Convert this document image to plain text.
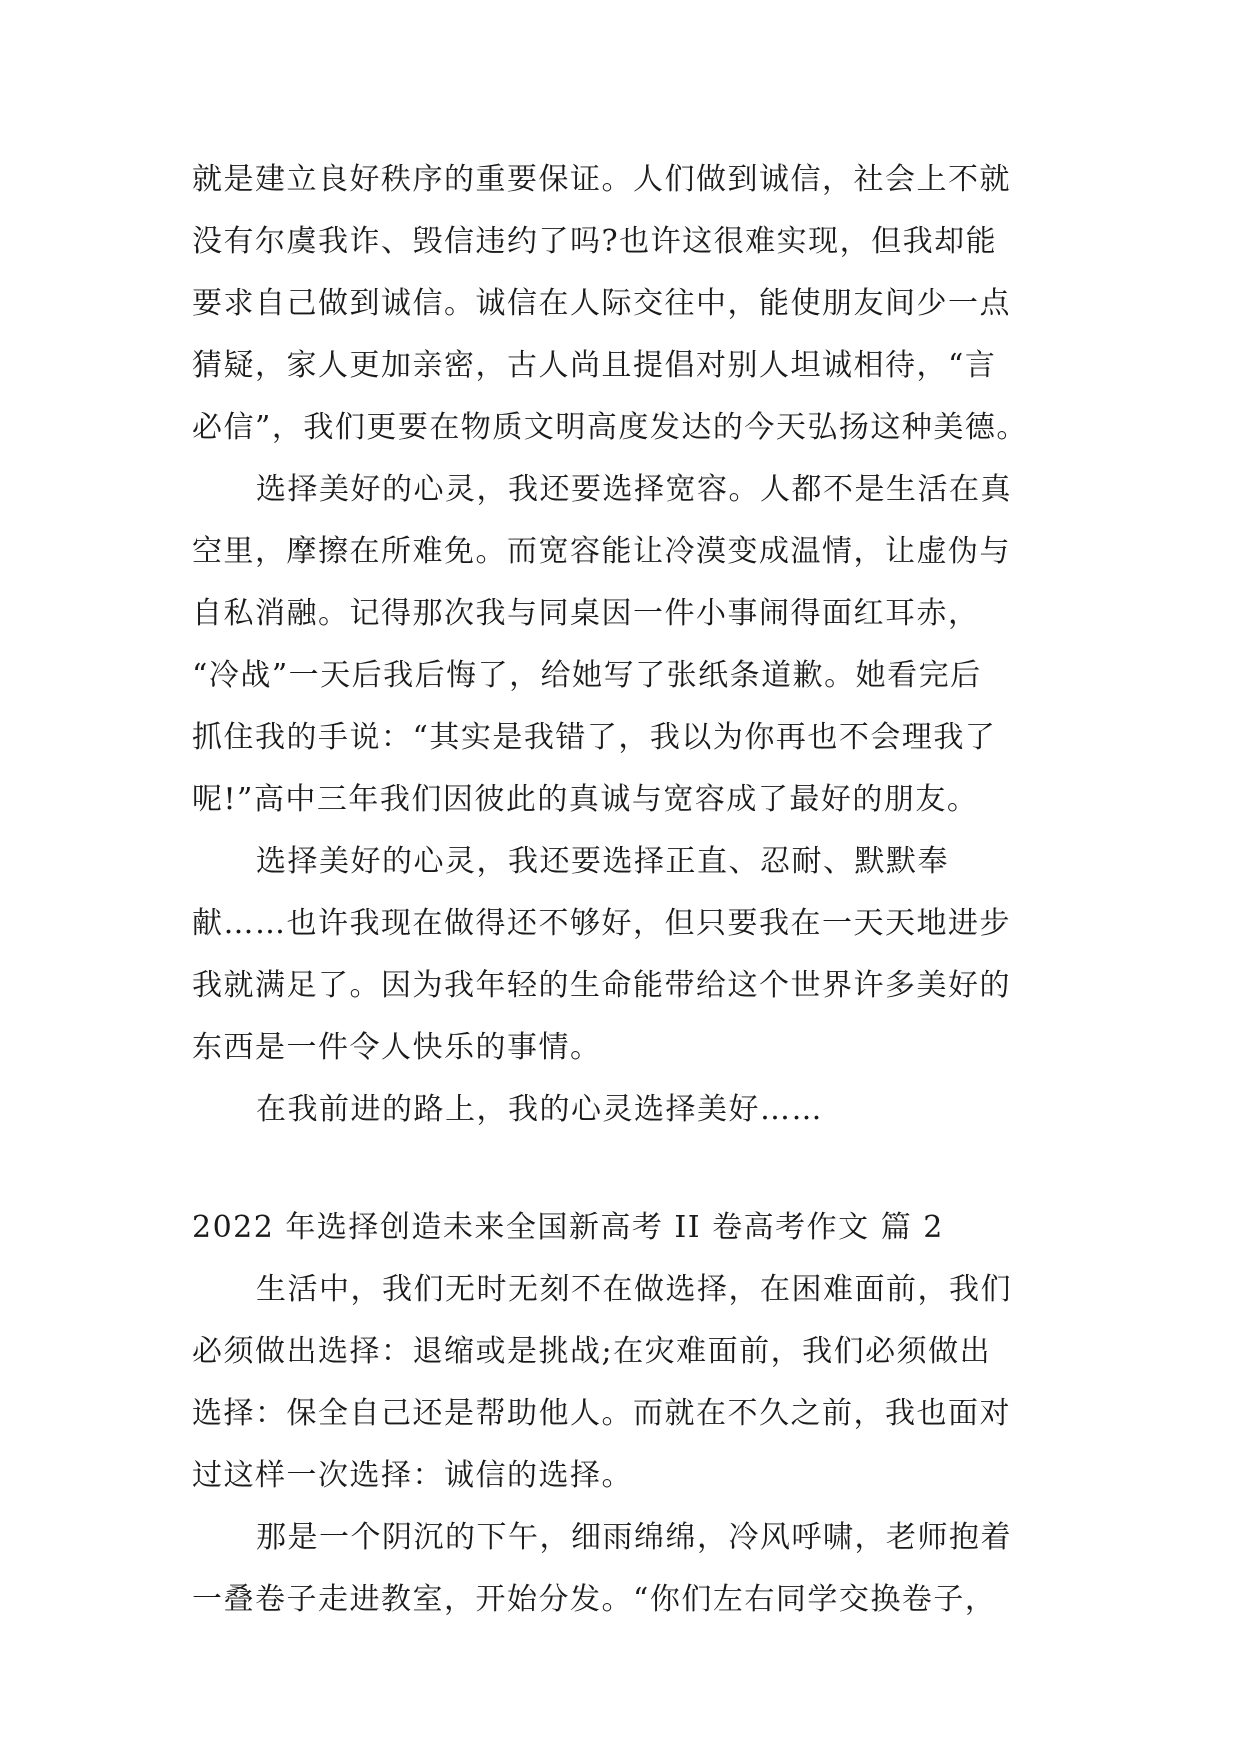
就是建立良好秩序的重要保证。人们做到诚信，社会上不就
没有尔虞我诈、毁信违约了吗?也许这很难实现，但我却能
要求自己做到诚信。诚信在人际交往中，能使朋友间少一点
猜疑，家人更加亲密，古人尚且提倡对别人坦诚相待，“言
必信”，我们更要在物质文明高度发达的今天弘扬这种美德。
选择美好的心灵，我还要选择宽容。人都不是生活在真
空里，摩擦在所难免。而宽容能让冷漠变成温情，让虚伪与
自私消融。记得那次我与同桌因一件小事闹得面红耳赤，
“冷战”一天后我后悔了，给她写了张纸条道歉。她看完后
抓住我的手说：“其实是我错了，我以为你再也不会理我了
呢!”高中三年我们因彼此的真诚与宽容成了最好的朋友。
选择美好的心灵，我还要选择正直、忍耐、默默奉
献……也许我现在做得还不够好，但只要我在一天天地进步
我就满足了。因为我年轻的生命能带给这个世界许多美好的
东西是一件令人快乐的事情。
在我前进的路上，我的心灵选择美好……
2022 年选择创造未来全国新高考 II 卷高考作文 篇 2
生活中，我们无时无刻不在做选择，在困难面前，我们
必须做出选择：退缩或是挑战;在灾难面前，我们必须做出
选择：保全自己还是帮助他人。而就在不久之前，我也面对
过这样一次选择：诚信的选择。
那是一个阴沉的下午，细雨绵绵，冷风呼啸，老师抱着
一叠卷子走进教室，开始分发。“你们左右同学交换卷子，
